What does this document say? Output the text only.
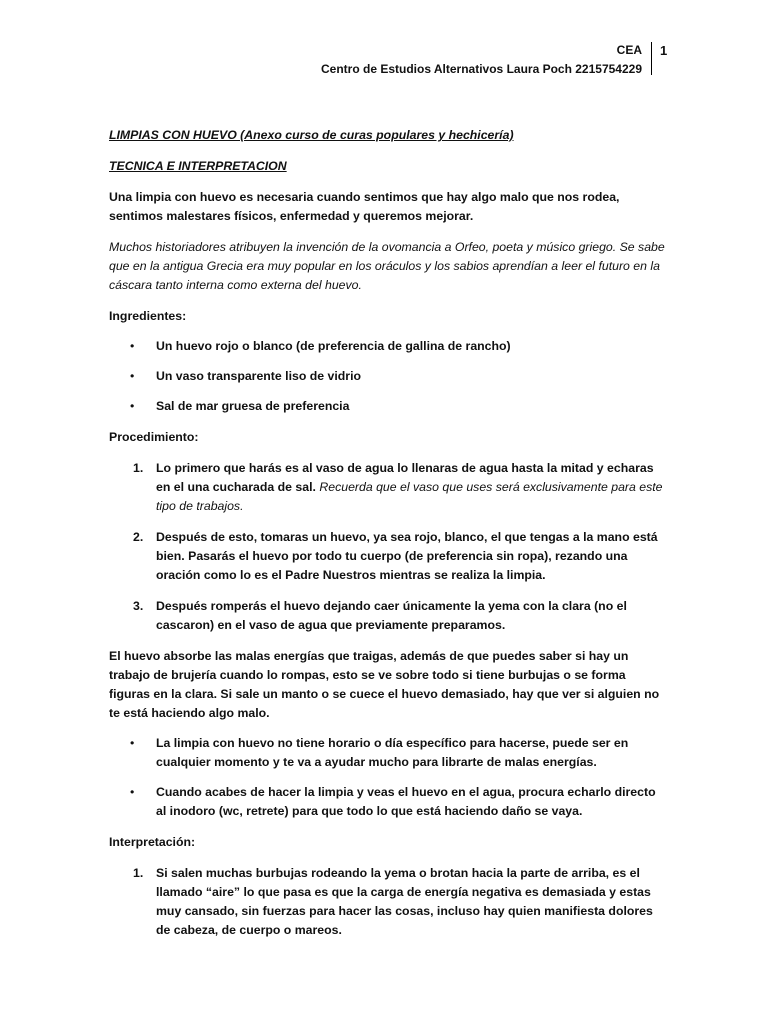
CEA
Centro de Estudios Alternativos Laura Poch 2215754229
1

LIMPIAS CON HUEVO (Anexo curso de curas populares y hechicería)

TECNICA E INTERPRETACION

Una limpia con huevo es necesaria cuando sentimos que hay algo malo que nos rodea, sentimos malestares físicos, enfermedad y queremos mejorar.

Muchos historiadores atribuyen la invención de la ovomancia a Orfeo, poeta y músico griego. Se sabe que en la antigua Grecia era muy popular en los oráculos y los sabios aprendían a leer el futuro en la cáscara tanto interna como externa del huevo.

Ingredientes:

• Un huevo rojo o blanco (de preferencia de gallina de rancho)
• Un vaso transparente liso de vidrio
• Sal de mar gruesa de preferencia

Procedimiento:

1. Lo primero que harás es al vaso de agua lo llenaras de agua hasta la mitad y echaras en el una cucharada de sal. Recuerda que el vaso que uses será exclusivamente para este tipo de trabajos.
2. Después de esto, tomaras un huevo, ya sea rojo, blanco, el que tengas a la mano está bien. Pasarás el huevo por todo tu cuerpo (de preferencia sin ropa), rezando una oración como lo es el Padre Nuestros mientras se realiza la limpia.
3. Después romperás el huevo dejando caer únicamente la yema con la clara (no el cascaron) en el vaso de agua que previamente preparamos.

El huevo absorbe las malas energías que traigas, además de que puedes saber si hay un trabajo de brujería cuando lo rompas, esto se ve sobre todo si tiene burbujas o se forma figuras en la clara. Si sale un manto o se cuece el huevo demasiado, hay que ver si alguien no te está haciendo algo malo.

• La limpia con huevo no tiene horario o día específico para hacerse, puede ser en cualquier momento y te va a ayudar mucho para librarte de malas energías.
• Cuando acabes de hacer la limpia y veas el huevo en el agua, procura echarlo directo al inodoro (wc, retrete) para que todo lo que está haciendo daño se vaya.

Interpretación:

1. Si salen muchas burbujas rodeando la yema o brotan hacia la parte de arriba, es el llamado “aire” lo que pasa es que la carga de energía negativa es demasiada y estas muy cansado, sin fuerzas para hacer las cosas, incluso hay quien manifiesta dolores de cabeza, de cuerpo o mareos.
